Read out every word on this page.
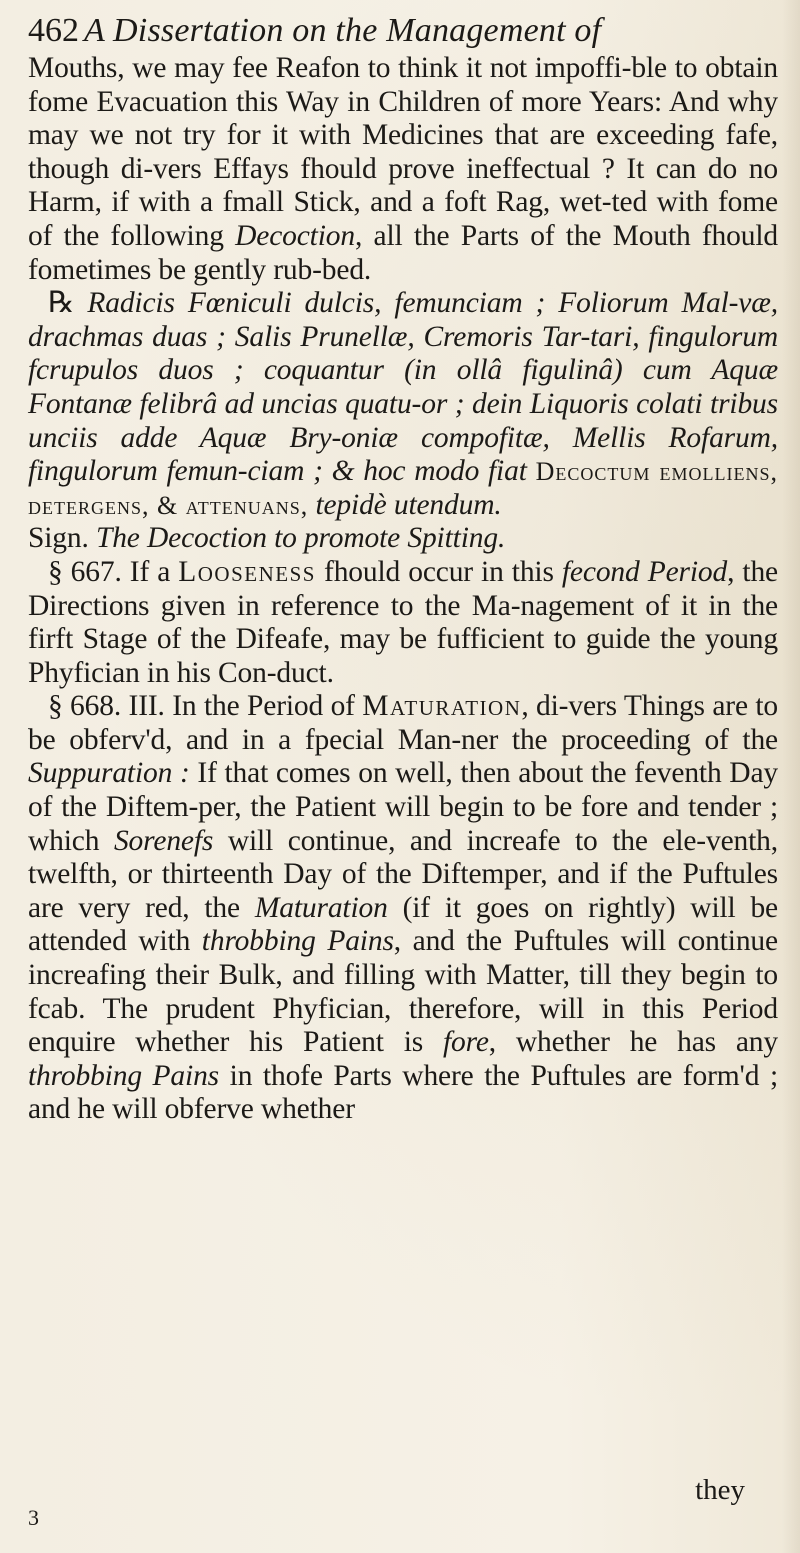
462 A Dissertation on the Management of

Mouths, we may fee Reafon to think it not impoffi-ble to obtain fome Evacuation this Way in Children of more Years: And why may we not try for it with Medicines that are exceeding fafe, though di-vers Effays fhould prove ineffectual ? It can do no Harm, if with a fmall Stick, and a foft Rag, wet-ted with fome of the following Decoction, all the Parts of the Mouth fhould fometimes be gently rub-bed.

℞ Radicis Fœniculi dulcis, femunciam ; Foliorum Mal-væ, drachmas duas ; Salis Prunellæ, Cremoris Tar-tari, fingulorum fcrupulos duos ; coquantur (in ollâ figulinâ) cum Aquæ Fontanæ felibrâ ad uncias quatu-or ; dein Liquoris colati tribus unciis adde Aquæ Bry-oniæ compofitæ, Mellis Rofarum, fingulorum femun-ciam ; & hoc modo fiat Decoctum emolliens, detergens, & attenuans, tepidè utendum.

Sign. The Decoction to promote Spitting.

§ 667. If a Looseness fhould occur in this fecond Period, the Directions given in reference to the Ma-nagement of it in the firft Stage of the Difeafe, may be fufficient to guide the young Phyfician in his Con-duct.

§ 668. III. In the Period of Maturation, di-vers Things are to be obferv'd, and in a fpecial Man-ner the proceeding of the Suppuration : If that comes on well, then about the feventh Day of the Diftem-per, the Patient will begin to be fore and tender ; which Sorenefs will continue, and increafe to the ele-venth, twelfth, or thirteenth Day of the Diftemper, and if the Puftules are very red, the Maturation (if it goes on rightly) will be attended with throbbing Pains, and the Puftules will continue increafing their Bulk, and filling with Matter, till they begin to fcab. The prudent Phyfician, therefore, will in this Period enquire whether his Patient is fore, whether he has any throbbing Pains in thofe Parts where the Puftules are form'd ; and he will obferve whether

3
they
